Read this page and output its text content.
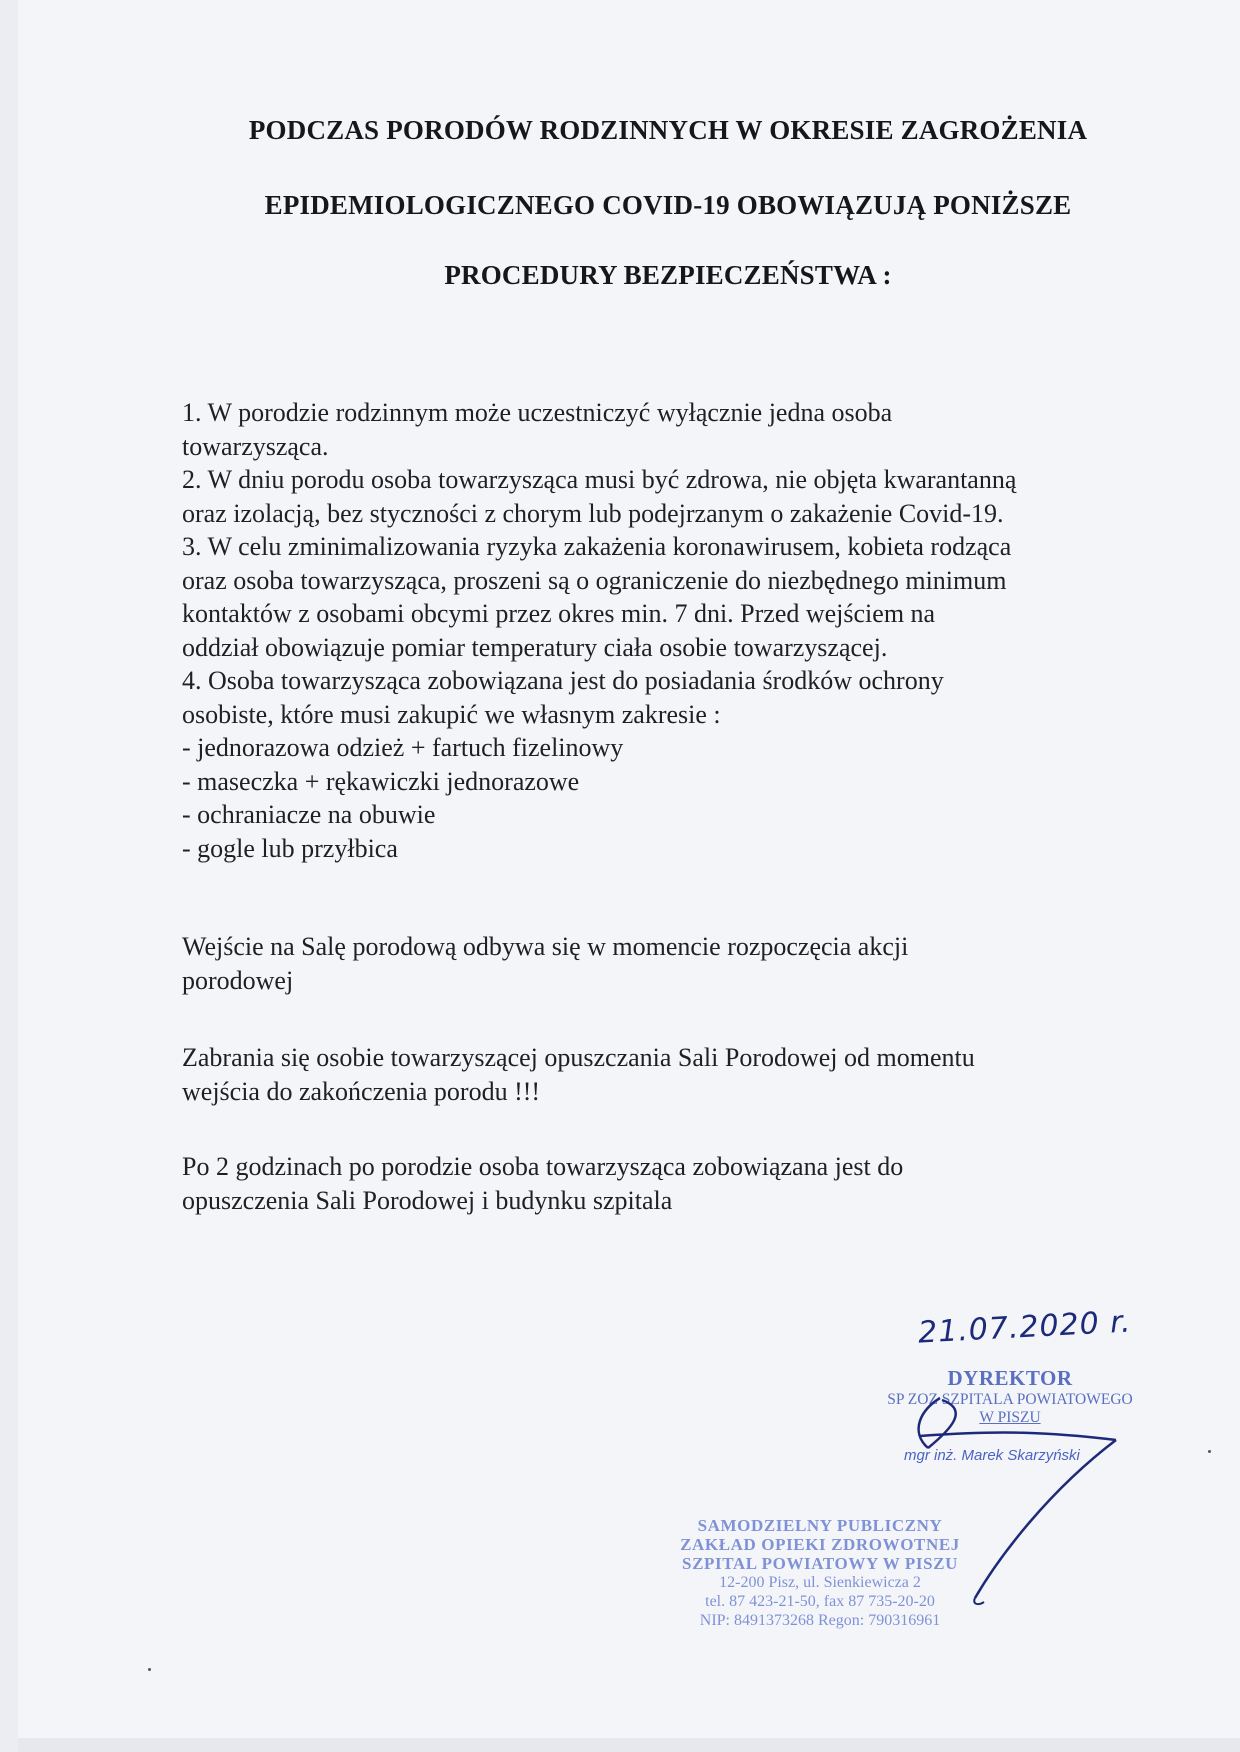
PODCZAS PORODÓW RODZINNYCH W OKRESIE ZAGROŻENIA
EPIDEMIOLOGICZNEGO COVID-19 OBOWIĄZUJĄ PONIŻSZE
PROCEDURY BEZPIECZEŃSTWA :

1. W porodzie rodzinnym może uczestniczyć wyłącznie jedna osoba

towarzysząca.

2. W dniu porodu osoba towarzysząca musi być zdrowa, nie objęta kwarantanną

oraz izolacją, bez styczności z chorym lub podejrzanym o zakażenie Covid-19.

3. W celu zminimalizowania ryzyka zakażenia koronawirusem, kobieta rodząca

oraz osoba towarzysząca, proszeni są o ograniczenie do niezbędnego minimum

kontaktów z osobami obcymi przez okres min. 7 dni. Przed wejściem na

oddział obowiązuje pomiar temperatury ciała osobie towarzyszącej.

4. Osoba towarzysząca zobowiązana jest do posiadania środków ochrony

osobiste, które musi zakupić we własnym zakresie :

- jednorazowa odzież + fartuch fizelinowy

- maseczka + rękawiczki jednorazowe

- ochraniacze na obuwie

- gogle lub przyłbica

Wejście na Salę porodową odbywa się w momencie rozpoczęcia akcji

porodowej

Zabrania się osobie towarzyszącej opuszczania Sali Porodowej od momentu

wejścia do zakończenia porodu !!!

Po 2 godzinach po porodzie osoba towarzysząca zobowiązana jest do

opuszczenia Sali Porodowej i budynku szpitala

21.07.2020 r.
DYREKTOR
SP ZOZ SZPITALA POWIATOWEGO
W PISZU
mgr inż. Marek Skarzyński
SAMODZIELNY PUBLICZNY
ZAKŁAD OPIEKI ZDROWOTNEJ
SZPITAL POWIATOWY W PISZU
12-200 Pisz, ul. Sienkiewicza 2
tel. 87 423-21-50, fax 87 735-20-20
NIP: 8491373268 Regon: 790316961
